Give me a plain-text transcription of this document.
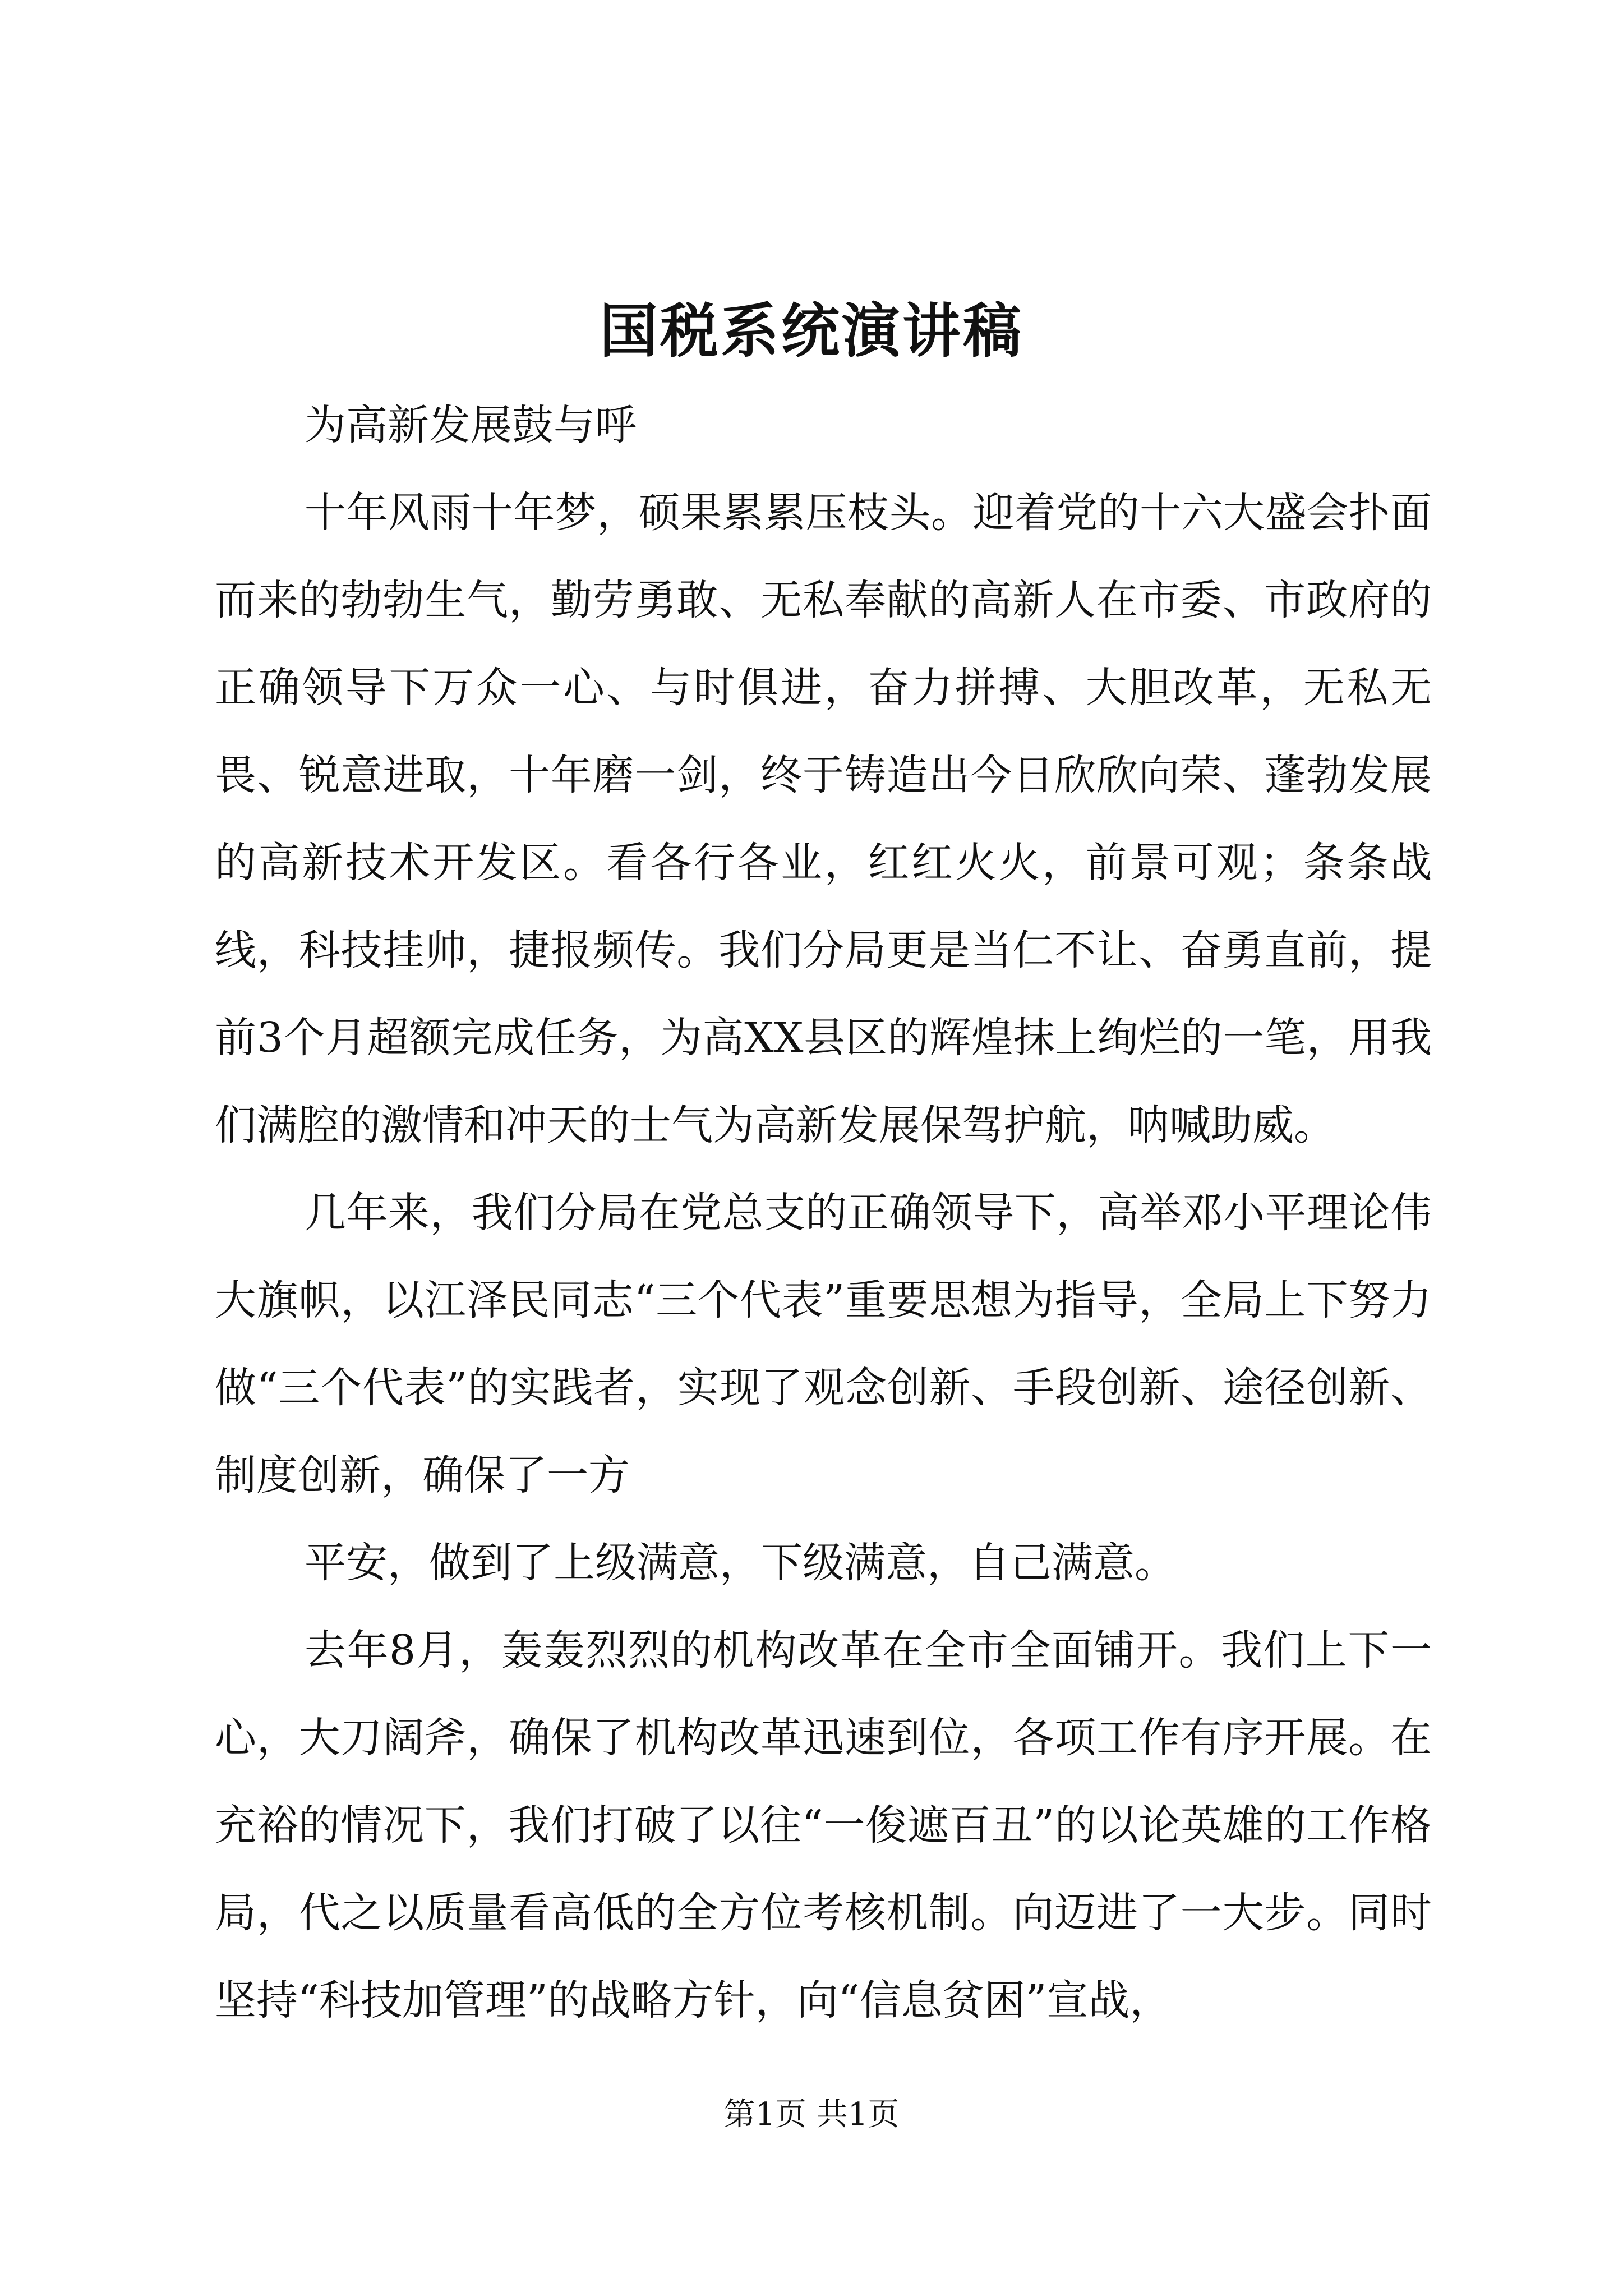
国税系统演讲稿

为高新发展鼓与呼

十年风雨十年梦，硕果累累压枝头。迎着党的十六大盛会扑面而来的勃勃生气，勤劳勇敢、无私奉献的高新人在市委、市政府的正确领导下万众一心、与时俱进，奋力拼搏、大胆改革，无私无畏、锐意进取，十年磨一剑，终于铸造出今日欣欣向荣、蓬勃发展的高新技术开发区。看各行各业，红红火火，前景可观；条条战线，科技挂帅，捷报频传。我们分局更是当仁不让、奋勇直前，提前3个月超额完成任务，为高XX县区的辉煌抹上绚烂的一笔，用我们满腔的激情和冲天的士气为高新发展保驾护航，呐喊助威。

几年来，我们分局在党总支的正确领导下，高举邓小平理论伟大旗帜，以江泽民同志“三个代表”重要思想为指导，全局上下努力做“三个代表”的实践者，实现了观念创新、手段创新、途径创新、制度创新，确保了一方

平安，做到了上级满意，下级满意，自己满意。

去年8月，轰轰烈烈的机构改革在全市全面铺开。我们上下一心，大刀阔斧，确保了机构改革迅速到位，各项工作有序开展。在充裕的情况下，我们打破了以往“一俊遮百丑”的以论英雄的工作格局，代之以质量看高低的全方位考核机制。向迈进了一大步。同时坚持“科技加管理”的战略方针，向“信息贫困”宣战，

第1页 共1页
